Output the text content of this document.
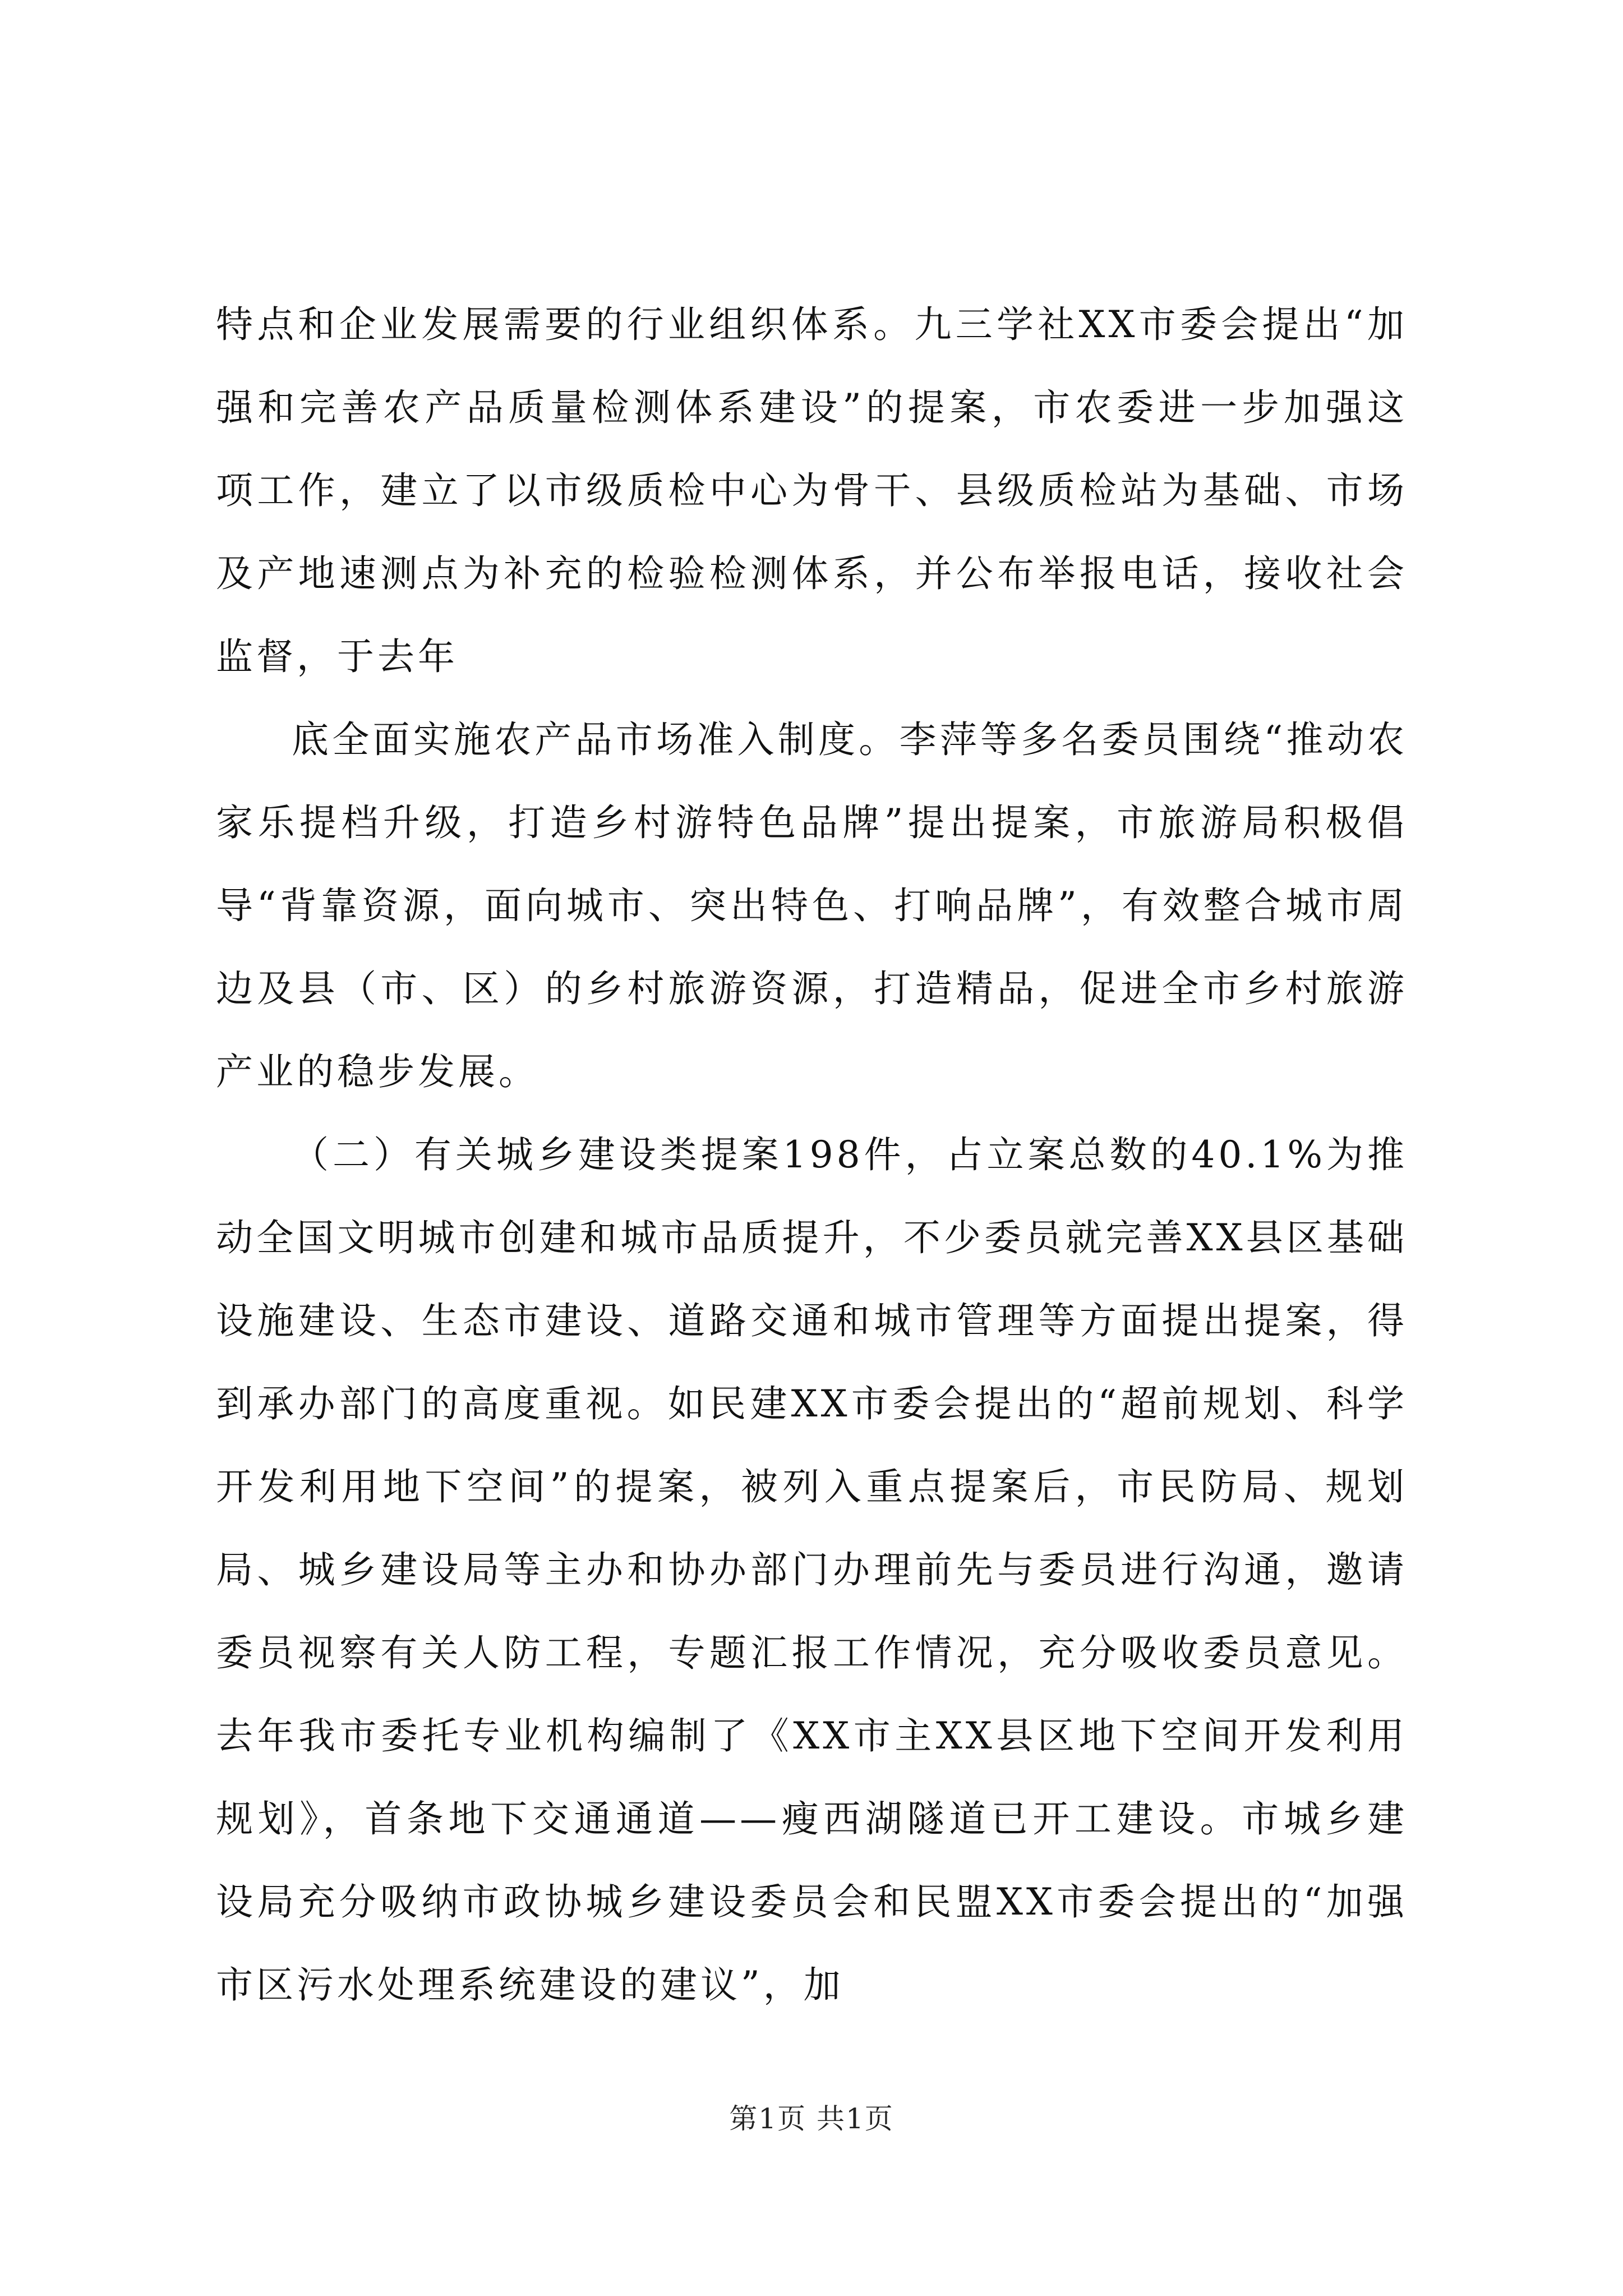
特点和企业发展需要的行业组织体系。九三学社XX市委会提出“加强和完善农产品质量检测体系建设”的提案，市农委进一步加强这项工作，建立了以市级质检中心为骨干、县级质检站为基础、市场及产地速测点为补充的检验检测体系，并公布举报电话，接收社会监督，于去年

底全面实施农产品市场准入制度。李萍等多名委员围绕“推动农家乐提档升级，打造乡村游特色品牌”提出提案，市旅游局积极倡导“背靠资源，面向城市、突出特色、打响品牌”，有效整合城市周边及县（市、区）的乡村旅游资源，打造精品，促进全市乡村旅游产业的稳步发展。

（二）有关城乡建设类提案198件，占立案总数的40.1%为推动全国文明城市创建和城市品质提升，不少委员就完善XX县区基础设施建设、生态市建设、道路交通和城市管理等方面提出提案，得到承办部门的高度重视。如民建XX市委会提出的“超前规划、科学开发利用地下空间”的提案，被列入重点提案后，市民防局、规划局、城乡建设局等主办和协办部门办理前先与委员进行沟通，邀请委员视察有关人防工程，专题汇报工作情况，充分吸收委员意见。去年我市委托专业机构编制了《XX市主XX县区地下空间开发利用规划》，首条地下交通通道——瘦西湖隧道已开工建设。市城乡建设局充分吸纳市政协城乡建设委员会和民盟XX市委会提出的“加强市区污水处理系统建设的建议”，加

第1页 共1页
